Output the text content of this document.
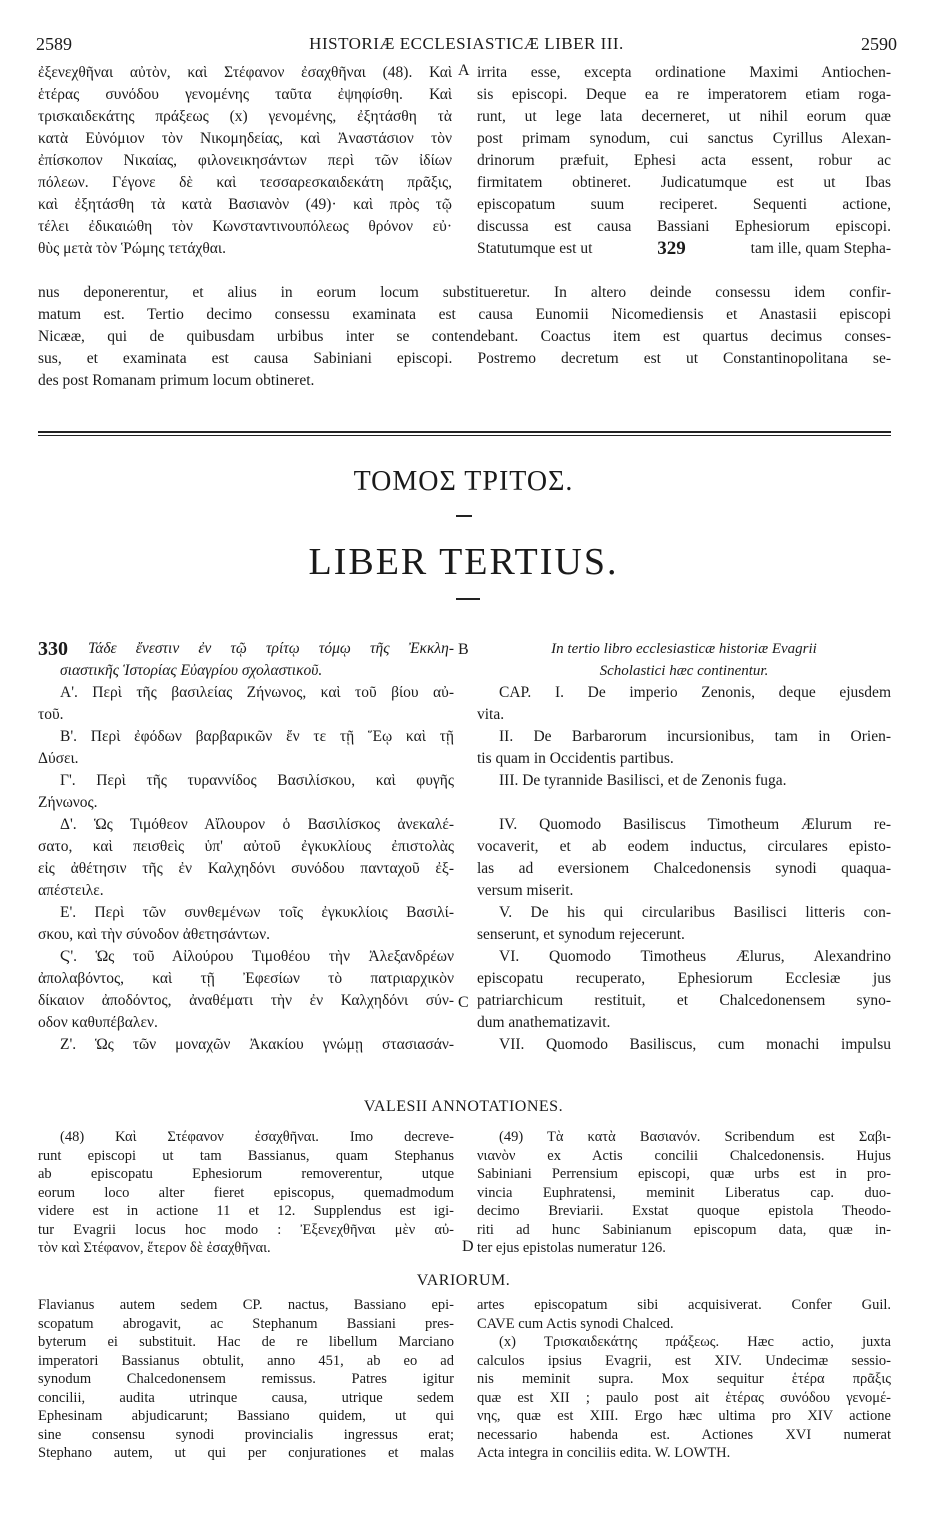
2589	HISTORIÆ ECCLESIASTICÆ LIBER III.	2590
ἐξενεχθῆναι αὐτὸν, καὶ Στέφανον ἐσαχθῆναι (48). Καὶ
ἑτέρας συνόδου γενομένης ταῦτα ἐψηφίσθη. Καὶ
τρισκαιδεκάτης πράξεως (x) γενομένης, ἐξητάσθη τὰ
κατὰ Εὐνόμιον τὸν Νικομηδείας, καὶ Ἀναστάσιον τὸν
ἐπίσκοπον Νικαίας, φιλονεικησάντων περὶ τῶν ἰδίων
πόλεων. Γέγονε δὲ καὶ τεσσαρεσκαιδεκάτη πρᾶξις,
καὶ ἐξητάσθη τὰ κατὰ Βασιανὸν (49)· καὶ πρὸς τῷ
τέλει ἐδικαιώθη τὸν Κωνσταντινουπόλεως θρόνον εὐ·
θὺς μετὰ τὸν Ῥώμης τετάχθαι.
A irrita esse, excepta ordinatione Maximi Antiochen-
sis episcopi. Deque ea re imperatorem etiam roga-
runt, ut lege lata decerneret, ut nihil eorum quæ
post primam synodum, cui sanctus Cyrillus Alexan-
drinorum præfuit, Ephesi acta essent, robur ac
firmitatem obtineret. Judicatumque est ut Ibas
episcopatum suum reciperet. Sequenti actione,
discussa est causa Bassiani Ephesiorum episcopi.
Statutumque est ut	329	tam ille, quam Stepha-
nus deponerentur, et alius in eorum locum substitueretur. In altero deinde consessu idem confir-
matum est. Tertio decimo consessu examinata est causa Eunomii Nicomediensis et Anastasii episcopi
Nicææ, qui de quibusdam urbibus inter se contendebant. Coactus item est quartus decimus conses-
sus, et examinata est causa Sabiniani episcopi. Postremo decretum est ut Constantinopolitana se-
des post Romanam primum locum obtineret.
ΤΟΜΟΣ ΤΡΙΤΟΣ.
LIBER TERTIUS.
330	Τάδε ἔνεστιν ἐν τῷ τρίτῳ τόμῳ τῆς Ἐκκλη-
σιαστικῆς Ἱστορίας Εὐαγρίου σχολαστικοῦ.
Α'. Περὶ τῆς βασιλείας Ζήνωνος, καὶ τοῦ βίου αὐ-
τοῦ.
Β'. Περὶ ἐφόδων βαρβαρικῶν ἔν τε τῇ Ἕῳ καὶ τῇ
Δύσει.
Γ'. Περὶ τῆς τυραννίδος Βασιλίσκου, καὶ φυγῆς
Ζήνωνος.
Δ'. Ὡς Τιμόθεον Αἴλουρον ὁ Βασιλίσκος ἀνεκαλέ-
σατο, καὶ πεισθεὶς ὑπ' αὐτοῦ ἐγκυκλίους ἐπιστολὰς
εἰς ἀθέτησιν τῆς ἐν Καλχηδόνι συνόδου πανταχοῦ ἐξ-
απέστειλε.
Ε'. Περὶ τῶν συνθεμένων τοῖς ἐγκυκλίοις Βασιλί-
σκου, καὶ τὴν σύνοδον ἀθετησάντων.
Ϛ'. Ὡς τοῦ Αἰλούρου Τιμοθέου τὴν Ἀλεξανδρέων
ἀπολαβόντος, καὶ τῇ Ἐφεσίων τὸ πατριαρχικὸν
δίκαιον ἀποδόντος, ἀναθέματι τὴν ἐν Καλχηδόνι σύν-
οδον καθυπέβαλεν.
Ζ'. Ὡς τῶν μοναχῶν Ἀκακίου γνώμῃ στασιασάν-
B
C
In tertio libro ecclesiasticæ historiæ Evagrii
Scholastici hæc continentur.
CAP. I. De imperio Zenonis, deque ejusdem
vita.
II. De Barbarorum incursionibus, tam in Orien-
tis quam in Occidentis partibus.
III. De tyrannide Basilisci, et de Zenonis fuga.
IV. Quomodo Basiliscus Timotheum Ælurum re-
vocaverit, et ab eodem inductus, circulares episto-
las ad eversionem Chalcedonensis synodi quaqua-
versum miserit.
V. De his qui circularibus Basilisci litteris con-
senserunt, et synodum rejecerunt.
VI. Quomodo Timotheus Ælurus, Alexandrino
episcopatu recuperato, Ephesiorum Ecclesiæ jus
patriarchicum restituit, et Chalcedonensem syno-
dum anathematizavit.
VII. Quomodo Basiliscus, cum monachi impulsu
VALESII ANNOTATIONES.
(48) Καὶ Στέφανον ἐσαχθῆναι. Imo decreve-
runt episcopi ut tam Bassianus, quam Stephanus
ab episcopatu Ephesiorum removerentur, utque
eorum loco alter fieret episcopus, quemadmodum
videre est in actione 11 et 12. Supplendus est igi-
tur Evagrii locus hoc modo : Ἐξενεχθῆναι μὲν αὐ-
τὸν καὶ Στέφανον, ἕτερον δὲ ἐσαχθῆναι.	D
(49) Τὰ κατὰ Βασιανόν. Scribendum est Σαβι-
νιανὸν ex Actis concilii Chalcedonensis. Hujus
Sabiniani Perrensium episcopi, quæ urbs est in pro-
vincia Euphratensi, meminit Liberatus cap. duo-
decimo Breviarii. Exstat quoque epistola Theodo-
riti ad hunc Sabinianum episcopum data, quæ in-
ter ejus epistolas numeratur 126.
VARIORUM.
Flavianus autem sedem CP. nactus, Bassiano epi-
scopatum abrogavit, ac Stephanum Bassiani pres-
byterum ei substituit. Hac de re libellum Marciano
imperatori Bassianus obtulit, anno 451, ab eo ad
synodum Chalcedonensem remissus. Patres igitur
concilii, audita utrinque causa, utrique sedem
Ephesinam abjudicarunt; Bassiano quidem, ut qui
sine consensu synodi provincialis ingressus erat;
Stephano autem, ut qui per conjurationes et malas
artes episcopatum sibi acquisiverat. Confer Guil.
CAVE cum Actis synodi Chalced.
(x) Τρισκαιδεκάτης πράξεως. Hæc actio, juxta
calculos ipsius Evagrii, est XIV. Undecimæ sessio-
nis meminit supra. Mox sequitur ἑτέρα πρᾶξις
quæ est XII ; paulo post ait ἑτέρας συνόδου γενομέ-
νης, quæ est XIII. Ergo hæc ultima pro XIV actione
necessario habenda est. Actiones XVI numerat
Acta integra in conciliis edita. W. LOWTH.
